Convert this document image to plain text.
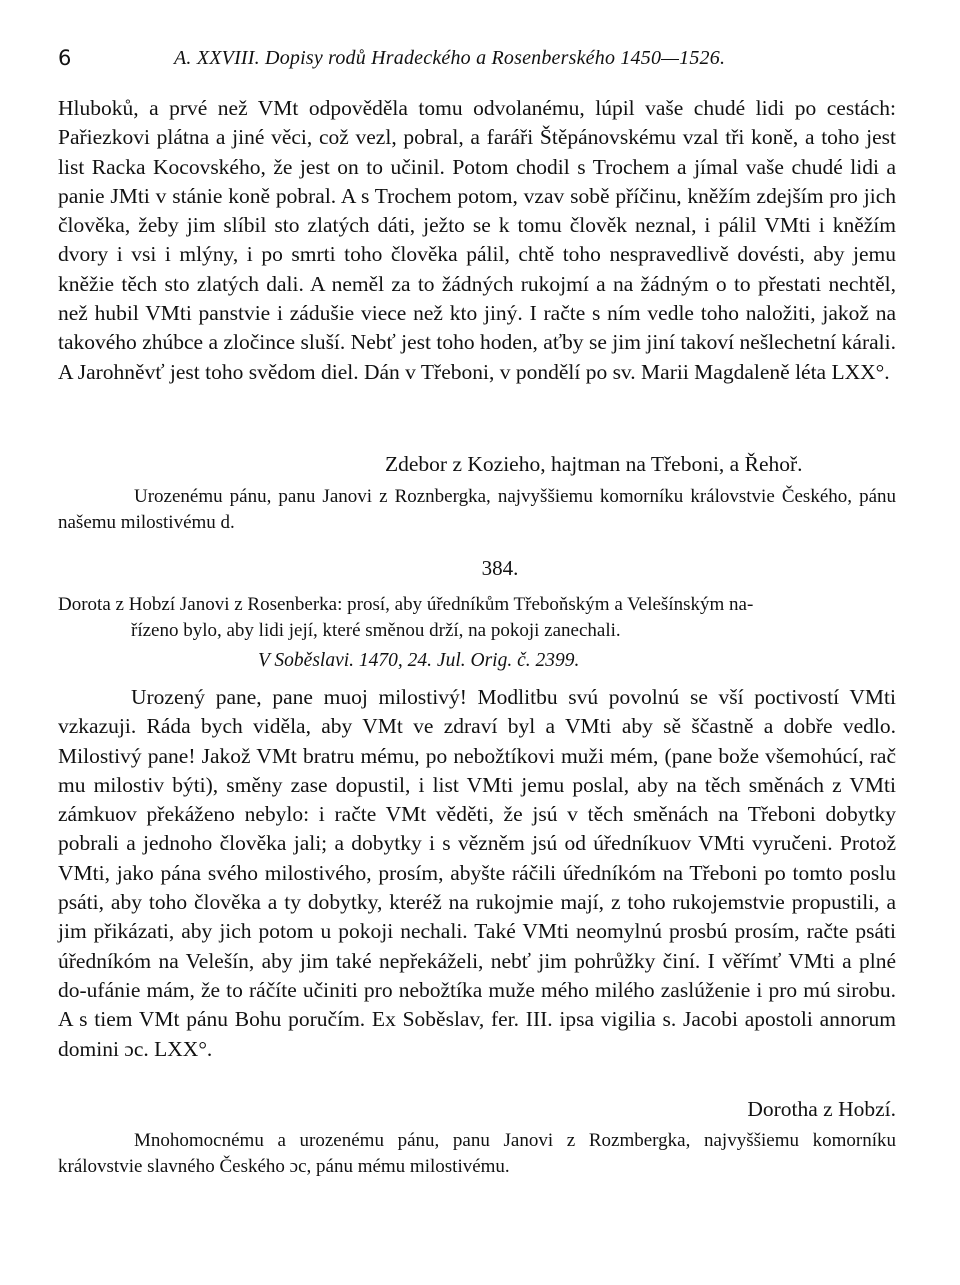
6	A. XXVIII. Dopisy rodů Hradeckého a Rosenberského 1450—1526.
Hluboků, a prvé než VMt odpověděla tomu odvolanému, lúpil vaše chudé lidi po cestách: Pařiezkovi plátna a jiné věci, což vezl, pobral, a faráři Štěpánovskému vzal tři koně, a toho jest list Racka Kocovského, že jest on to učinil. Potom chodil s Trochem a jímal vaše chudé lidi a panie JMti v stánie koně pobral. A s Trochem potom, vzav sobě příčinu, kněžím zdejším pro jich člověka, žeby jim slíbil sto zlatých dáti, ježto se k tomu člověk neznal, i pálil VMti i kněžím dvory i vsi i mlýny, i po smrti toho člověka pálil, chtě toho nespravedlivě dovésti, aby jemu kněžie těch sto zlatých dali. A neměl za to žádných rukojmí a na žádným o to přestati nechtěl, než hubil VMti panstvie i zádušie viece než kto jiný. I račte s ním vedle toho naložiti, jakož na takového zhúbce a zločince sluší. Nebť jest toho hoden, aťby se jim jiní takoví nešlechetní kárali. A Jarohněvť jest toho svědom diel. Dán v Třeboni, v pondělí po sv. Marii Magdaleně léta LXX°.
Zdebor z Kozieho, hajtman na Třeboni, a Řehoř.
Urozenému pánu, panu Janovi z Roznbergka, najvyššiemu komorníku královstvie Českého, pánu našemu milostivému d.
384.
Dorota z Hobzí Janovi z Rosenberka: prosí, aby úředníkům Třeboňským a Velešínským na-
řízeno bylo, aby lidi její, které směnou drží, na pokoji zanechali.
V Soběslavi. 1470, 24. Jul. Orig. č. 2399.
Urozený pane, pane muoj milostivý! Modlitbu svú povolnú se vší poctivostí VMti vzkazuji. Ráda bych viděla, aby VMt ve zdraví byl a VMti aby sě ščastně a dobře vedlo. Milostivý pane! Jakož VMt bratru mému, po nebožtíkovi muži mém, (pane bože všemohúcí, rač mu milostiv býti), směny zase dopustil, i list VMti jemu poslal, aby na těch směnách z VMti zámkuov překáženo nebylo: i račte VMt věděti, že jsú v těch směnách na Třeboni dobytky pobrali a jednoho člověka jali; a dobytky i s vězněm jsú od úředníkuov VMti vyručeni. Protož VMti, jako pána svého milostivého, prosím, abyšte ráčili úředníkóm na Třeboni po tomto poslu psáti, aby toho člověka a ty dobytky, kteréž na rukojmie mají, z toho rukojemstvie propustili, a jim přikázati, aby jich potom u pokoji nechali. Také VMti neomylnú prosbú prosím, račte psáti úředníkóm na Velešín, aby jim také nepřekáželi, nebť jim pohrůžky činí. I věřímť VMti a plné do-ufánie mám, že to ráčíte učiniti pro nebožtíka muže mého milého zaslúženie i pro mú sirobu. A s tiem VMt pánu Bohu poručím. Ex Soběslav, fer. III. ipsa vigilia s. Jacobi apostoli annorum domini ɔc. LXX°.
Dorotha z Hobzí.
Mnohomocnému a urozenému pánu, panu Janovi z Rozmbergka, najvyššiemu komorníku královstvie slavného Českého ɔc, pánu mému milostivému.
